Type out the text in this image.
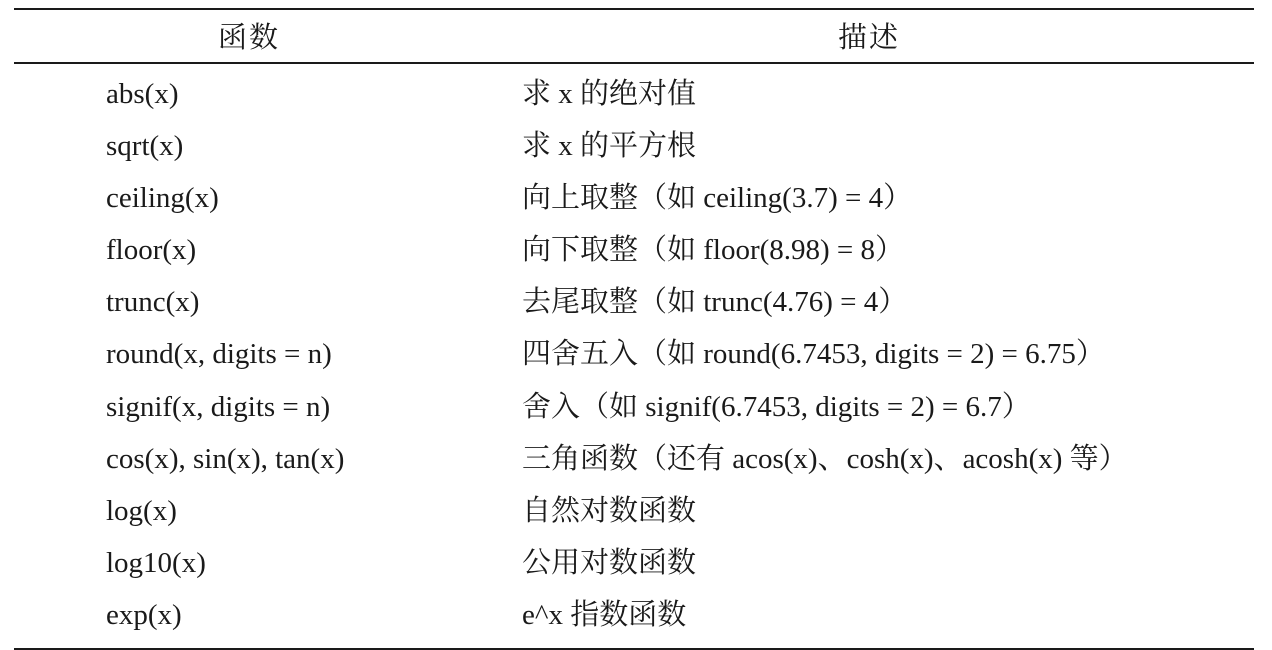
函数	描述
abs(x)	求 x 的绝对值
sqrt(x)	求 x 的平方根
ceiling(x)	向上取整（如 ceiling(3.7) = 4）
floor(x)	向下取整（如 floor(8.98) = 8）
trunc(x)	去尾取整（如 trunc(4.76) = 4）
round(x, digits = n)	四舍五入（如 round(6.7453, digits = 2) = 6.75）
signif(x, digits = n)	舍入（如 signif(6.7453, digits = 2) = 6.7）
cos(x), sin(x), tan(x)	三角函数（还有 acos(x)、cosh(x)、acosh(x) 等）
log(x)	自然对数函数
log10(x)	公用对数函数
exp(x)	e^x 指数函数
